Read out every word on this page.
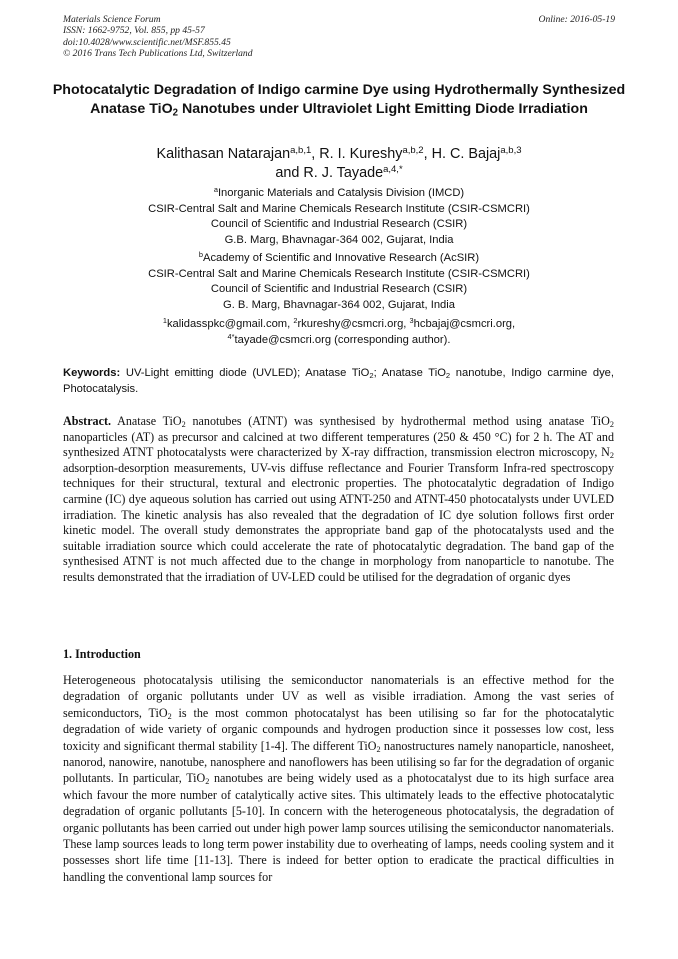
Materials Science Forum
ISSN: 1662-9752, Vol. 855, pp 45-57
doi:10.4028/www.scientific.net/MSF.855.45
© 2016 Trans Tech Publications Ltd, Switzerland
Online: 2016-05-19
Photocatalytic Degradation of Indigo carmine Dye using Hydrothermally Synthesized Anatase TiO$_2$ Nanotubes under Ultraviolet Light Emitting Diode Irradiation
Kalithasan Natarajan$^{a,b,1}$, R. I. Kureshy$^{a,b,2}$, H. C. Bajaj$^{a,b,3}$
and R. J. Tayade$^{a,4,*}$
$^a$Inorganic Materials and Catalysis Division (IMCD)
CSIR-Central Salt and Marine Chemicals Research Institute (CSIR-CSMCRI)
Council of Scientific and Industrial Research (CSIR)
G.B. Marg, Bhavnagar-364 002, Gujarat, India
$^b$Academy of Scientific and Innovative Research (AcSIR)
CSIR-Central Salt and Marine Chemicals Research Institute (CSIR-CSMCRI)
Council of Scientific and Industrial Research (CSIR)
G. B. Marg, Bhavnagar-364 002, Gujarat, India
$^1$kalidasspkc@gmail.com, $^2$rkureshy@csmcri.org, $^3$hcbajaj@csmcri.org,
$^{4*}$tayade@csmcri.org (corresponding author).
Keywords: UV-Light emitting diode (UVLED); Anatase TiO$_2$; Anatase TiO$_2$ nanotube, Indigo carmine dye, Photocatalysis.
Abstract. Anatase TiO$_2$ nanotubes (ATNT) was synthesised by hydrothermal method using anatase TiO$_2$ nanoparticles (AT) as precursor and calcined at two different temperatures (250 & 450 °C) for 2 h. The AT and synthesized ATNT photocatalysts were characterized by X-ray diffraction, transmission electron microscopy, $N_2$ adsorption-desorption measurements, UV-vis diffuse reflectance and Fourier Transform Infra-red spectroscopy techniques for their structural, textural and electronic properties. The photocatalytic degradation of Indigo carmine (IC) dye aqueous solution has carried out using ATNT-250 and ATNT-450 photocatalysts under UVLED irradiation. The kinetic analysis has also revealed that the degradation of IC dye solution follows first order kinetic model. The overall study demonstrates the appropriate band gap of the photocatalysts used and the suitable irradiation source which could accelerate the rate of photocatalytic degradation. The band gap of the synthesised ATNT is not much affected due to the change in morphology from nanoparticle to nanotube. The results demonstrated that the irradiation of UV-LED could be utilised for the degradation of organic dyes
1. Introduction
Heterogeneous photocatalysis utilising the semiconductor nanomaterials is an effective method for the degradation of organic pollutants under UV as well as visible irradiation. Among the vast series of semiconductors, TiO$_2$ is the most common photocatalyst has been utilising so far for the photocatalytic degradation of wide variety of organic compounds and hydrogen production since it possesses low cost, less toxicity and significant thermal stability [1-4]. The different TiO$_2$ nanostructures namely nanoparticle, nanosheet, nanorod, nanowire, nanotube, nanosphere and nanoflowers has been utilising so far for the degradation of organic pollutants. In particular, TiO$_2$ nanotubes are being widely used as a photocatalyst due to its high surface area which favour the more number of catalytically active sites. This ultimately leads to the effective photocatalytic degradation of organic pollutants [5-10]. In concern with the heterogeneous photocatalysis, the degradation of organic pollutants has been carried out under high power lamp sources utilising the semiconductor nanomaterials. These lamp sources leads to long term power instability due to overheating of lamps, needs cooling system and it possesses short life time [11-13]. There is indeed for better option to eradicate the practical difficulties in handling the conventional lamp sources for
